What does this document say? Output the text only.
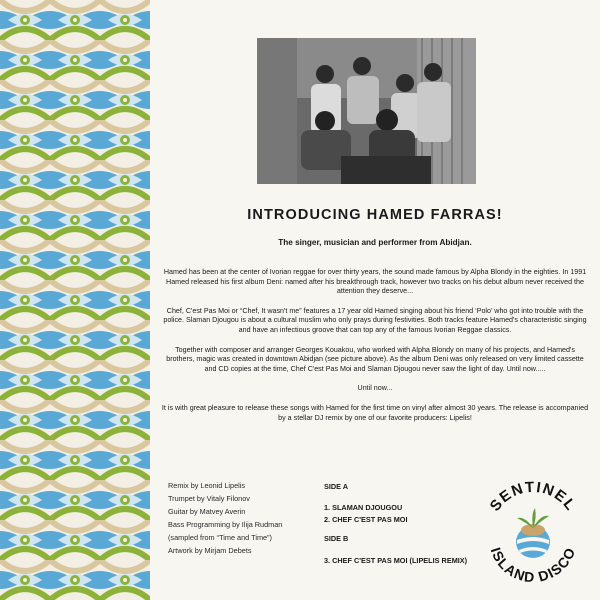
INTRODUCING HAMED FARRAS!
The singer, musician and performer from Abidjan.

Hamed has been at the center of Ivorian reggae for over thirty years, the sound made famous by Alpha Blondy in the eighties. In 1991 Hamed released his first album Deni: named after his breakthrough track, however two tracks on his debut album never received the attention they deserve...

Chef, C'est Pas Moi or “Chef, It wasn't me” features a 17 year old Hamed singing about his friend ‘Polo’ who got into trouble with the police. Slaman Djougou is about a cultural muslim who only prays during festivities. Both tracks feature Hamed's characteristic singing and have an infectious groove that can top any of the famous Ivorian Reggae classics.

Together with composer and arranger Georges Kouakou, who worked with Alpha Blondy on many of his projects, and Hamed's brothers, magic was created in downtown Abidjan (see picture above). As the album Deni was only released on very limited cassette and CD copies at the time, Chef C'est Pas Moi and Slaman Djougou never saw the light of day. Until now.....

Until now...

It is with great pleasure to release these songs with Hamed for the first time on vinyl after almost 30 years. The release is accompanied by a stellar DJ remix by one of our favorite producers: Lipelis!

Remix by Leonid Lipelis
Trumpet by Vitaly Filonov
Guitar by Matvey Averin
Bass Programming by Ilija Rudman
(sampled from “Time and Time”)
Artwork by Mirjam Debets
SIDE A
1. SLAMAN DJOUGOU
2. CHEF C'EST PAS MOI
SIDE B
3. CHEF C'EST PAS MOI (LIPELIS REMIX)
SENTINEL
ISLAND DISCO
